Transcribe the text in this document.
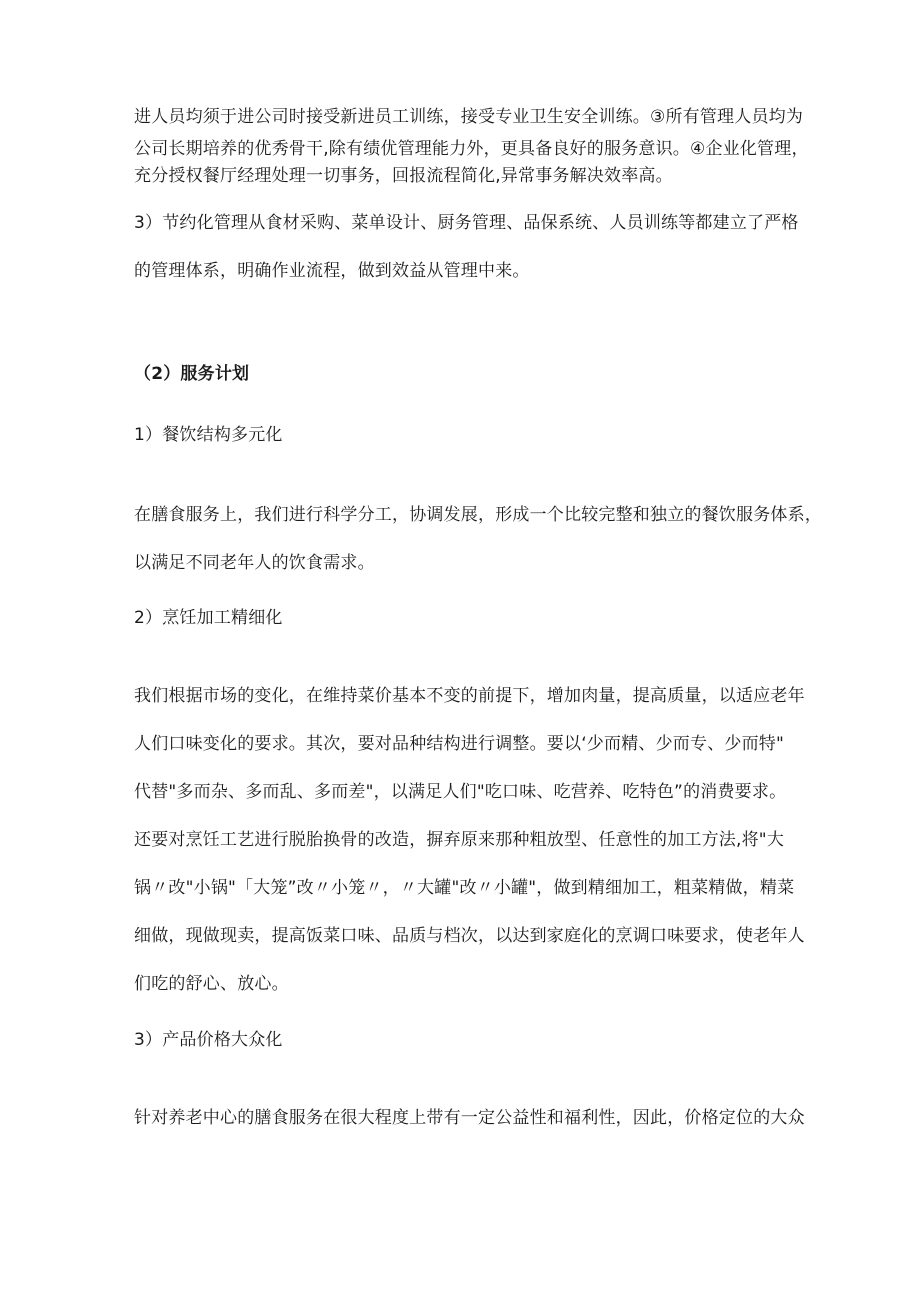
进人员均须于进公司时接受新进员工训练，接受专业卫生安全训练。③所有管理人员均为
公司长期培养的优秀骨干,除有绩优管理能力外，更具备良好的服务意识。④企业化管理，
充分授权餐厅经理处理一切事务，回报流程简化,异常事务解决效率高。
3）节约化管理从食材采购、菜单设计、厨务管理、品保系统、人员训练等都建立了严格
的管理体系，明确作业流程，做到效益从管理中来。
（2）服务计划
1）餐饮结构多元化
在膳食服务上，我们进行科学分工，协调发展，形成一个比较完整和独立的餐饮服务体系，
以满足不同老年人的饮食需求。
2）烹饪加工精细化
我们根据市场的变化，在维持菜价基本不变的前提下，增加肉量，提高质量，以适应老年
人们口味变化的要求。其次，要对品种结构进行调整。要以‘少而精、少而专、少而特"
代替"多而杂、多而乱、多而差"，以满足人们"吃口味、吃营养、吃特色”的消费要求。
还要对烹饪工艺进行脱胎换骨的改造，摒弃原来那种粗放型、任意性的加工方法,将"大
锅〃改"小锅"「大笼”改〃小笼〃，〃大罐"改〃小罐"，做到精细加工，粗菜精做，精菜
细做，现做现卖，提高饭菜口味、品质与档次，以达到家庭化的烹调口味要求，使老年人
们吃的舒心、放心。
3）产品价格大众化
针对养老中心的膳食服务在很大程度上带有一定公益性和福利性，因此，价格定位的大众
